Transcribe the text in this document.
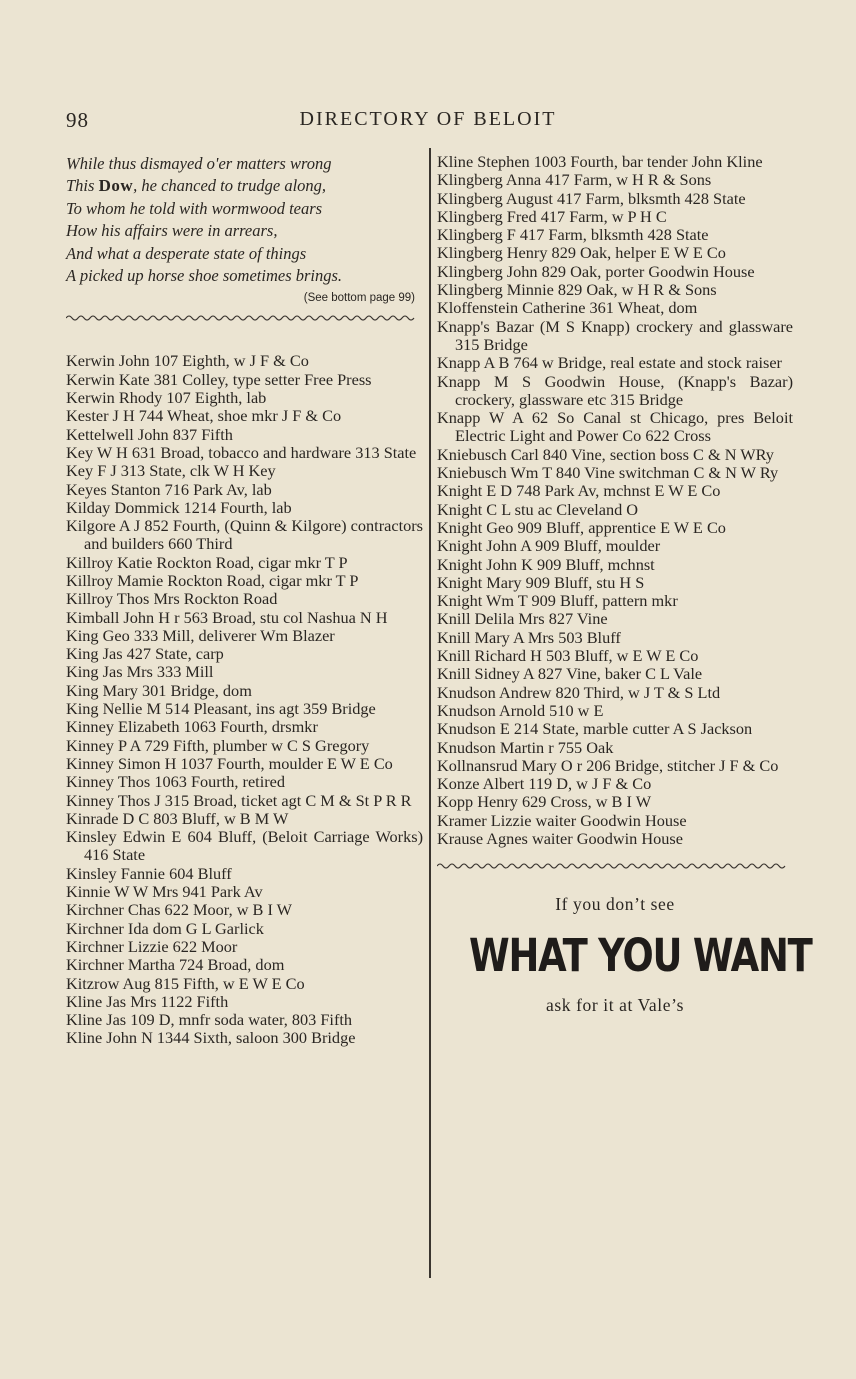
98	DIRECTORY OF BELOIT
While thus dismayed o'er matters wrong
This Dow, he chanced to trudge along,
To whom he told with wormwood tears
How his affairs were in arrears,
And what a desperate state of things
A picked up horse shoe sometimes brings.
(See bottom page 99)
Kerwin John 107 Eighth, w J F & Co
Kerwin Kate 381 Colley, type setter Free Press
Kerwin Rhody 107 Eighth, lab
Kester J H 744 Wheat, shoe mkr J F & Co
Kettelwell John 837 Fifth
Key W H 631 Broad, tobacco and hardware 313 State
Key F J 313 State, clk W H Key
Keyes Stanton 716 Park Av, lab
Kilday Dommick 1214 Fourth, lab
Kilgore A J 852 Fourth, (Quinn & Kilgore) contractors and builders 660 Third
Killroy Katie Rockton Road, cigar mkr T P
Killroy Mamie Rockton Road, cigar mkr T P
Killroy Thos Mrs Rockton Road
Kimball John H r 563 Broad, stu col Nashua N H
King Geo 333 Mill, deliverer Wm Blazer
King Jas 427 State, carp
King Jas Mrs 333 Mill
King Mary 301 Bridge, dom
King Nellie M 514 Pleasant, ins agt 359 Bridge
Kinney Elizabeth 1063 Fourth, drsmkr
Kinney P A 729 Fifth, plumber w C S Gregory
Kinney Simon H 1037 Fourth, moulder E W E Co
Kinney Thos 1063 Fourth, retired
Kinney Thos J 315 Broad, ticket agt C M & St P R R
Kinrade D C 803 Bluff, w B M W
Kinsley Edwin E 604 Bluff, (Beloit Carriage Works) 416 State
Kinsley Fannie 604 Bluff
Kinnie W W Mrs 941 Park Av
Kirchner Chas 622 Moor, w B I W
Kirchner Ida dom G L Garlick
Kirchner Lizzie 622 Moor
Kirchner Martha 724 Broad, dom
Kitzrow Aug 815 Fifth, w E W E Co
Kline Jas Mrs 1122 Fifth
Kline Jas 109 D, mnfr soda water, 803 Fifth
Kline John N 1344 Sixth, saloon 300 Bridge
Kline Stephen 1003 Fourth, bar tender John Kline
Klingberg Anna 417 Farm, w H R & Sons
Klingberg August 417 Farm, blksmth 428 State
Klingberg Fred 417 Farm, w P H C
Klingberg F 417 Farm, blksmth 428 State
Klingberg Henry 829 Oak, helper E W E Co
Klingberg John 829 Oak, porter Goodwin House
Klingberg Minnie 829 Oak, w H R & Sons
Kloffenstein Catherine 361 Wheat, dom
Knapp's Bazar (M S Knapp) crockery and glassware 315 Bridge
Knapp A B 764 w Bridge, real estate and stock raiser
Knapp M S Goodwin House, (Knapp's Bazar) crockery, glassware etc 315 Bridge
Knapp W A 62 So Canal st Chicago, pres Beloit Electric Light and Power Co 622 Cross
Kniebusch Carl 840 Vine, section boss C & N WRy
Kniebusch Wm T 840 Vine switchman C & N W Ry
Knight E D 748 Park Av, mchnst E W E Co
Knight C L stu ac Cleveland O
Knight Geo 909 Bluff, apprentice E W E Co
Knight John A 909 Bluff, moulder
Knight John K 909 Bluff, mchnst
Knight Mary 909 Bluff, stu H S
Knight Wm T 909 Bluff, pattern mkr
Knill Delila Mrs 827 Vine
Knill Mary A Mrs 503 Bluff
Knill Richard H 503 Bluff, w E W E Co
Knill Sidney A 827 Vine, baker C L Vale
Knudson Andrew 820 Third, w J T & S Ltd
Knudson Arnold 510 w E
Knudson E 214 State, marble cutter A S Jackson
Knudson Martin r 755 Oak
Kollnansrud Mary O r 206 Bridge, stitcher J F & Co
Konze Albert 119 D, w J F & Co
Kopp Henry 629 Cross, w B I W
Kramer Lizzie waiter Goodwin House
Krause Agnes waiter Goodwin House
If you don’t see
WHAT YOU WANT
ask for it at Vale’s
